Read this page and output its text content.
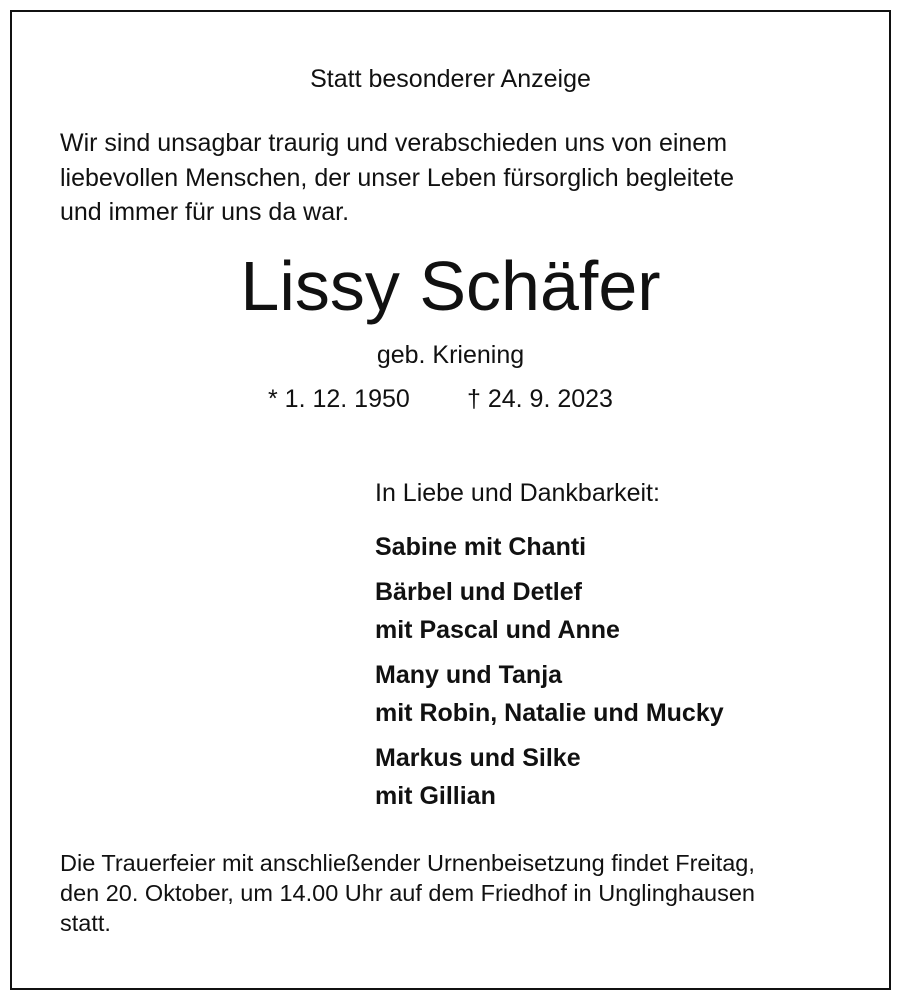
Statt besonderer Anzeige

Wir sind unsagbar traurig und verabschieden uns von einem
liebevollen Menschen, der unser Leben fürsorglich begleitete
und immer für uns da war.

Lissy Schäfer
geb. Kriening
* 1. 12. 1950 † 24. 9. 2023
In Liebe und Dankbarkeit:
Sabine mit Chanti
Bärbel und Detlef
mit Pascal und Anne
Many und Tanja
mit Robin, Natalie und Mucky
Markus und Silke
mit Gillian
Die Trauerfeier mit anschließender Urnenbeisetzung findet Freitag,
den 20. Oktober, um 14.00 Uhr auf dem Friedhof in Unglinghausen
statt.
